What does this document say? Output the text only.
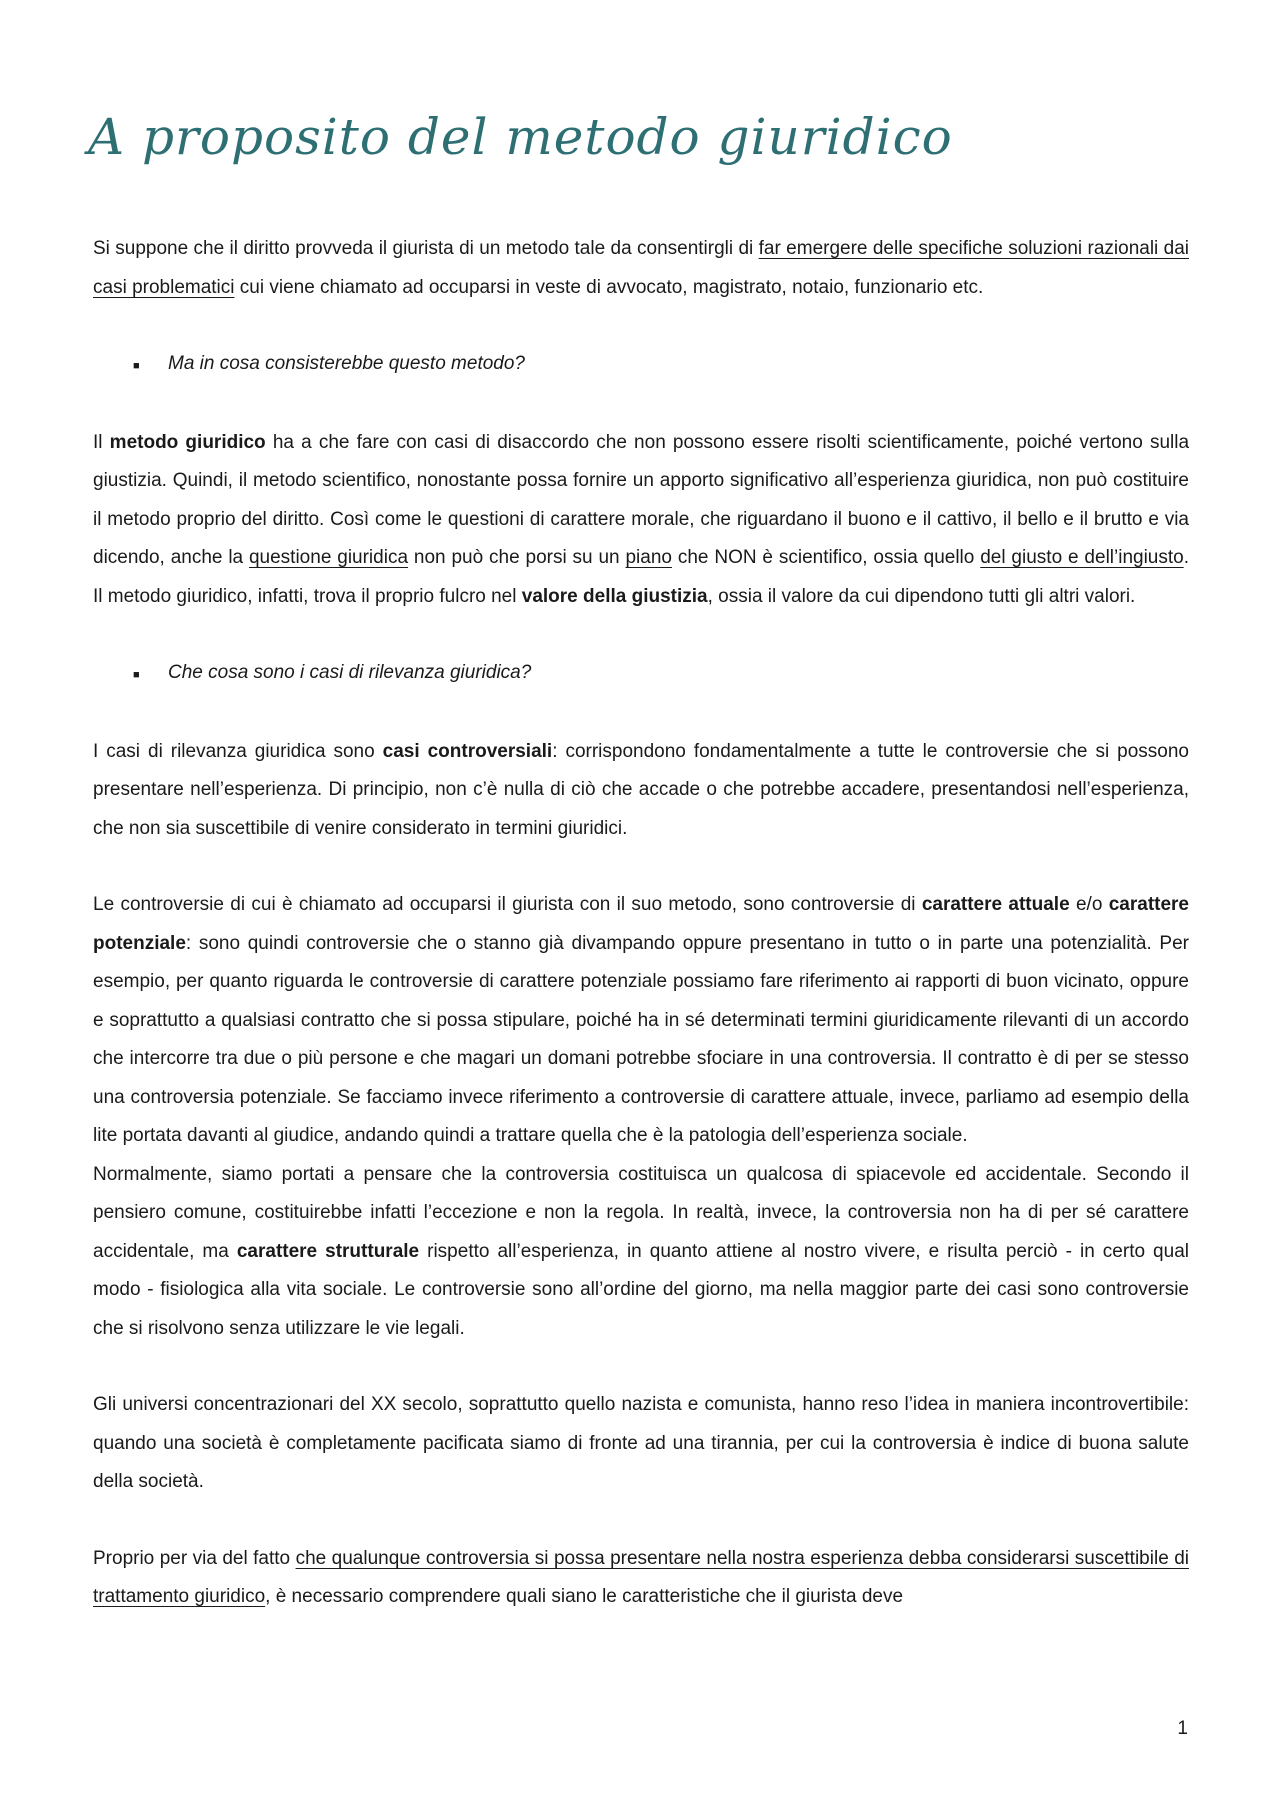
A proposito del metodo giuridico

Si suppone che il diritto provveda il giurista di un metodo tale da consentirgli di far emergere delle specifiche soluzioni razionali dai casi problematici cui viene chiamato ad occuparsi in veste di avvocato, magistrato, notaio, funzionario etc.

■	Ma in cosa consisterebbe questo metodo?

Il metodo giuridico ha a che fare con casi di disaccordo che non possono essere risolti scientificamente, poiché vertono sulla giustizia. Quindi, il metodo scientifico, nonostante possa fornire un apporto significativo all’esperienza giuridica, non può costituire il metodo proprio del diritto. Così come le questioni di carattere morale, che riguardano il buono e il cattivo, il bello e il brutto e via dicendo, anche la questione giuridica non può che porsi su un piano che NON è scientifico, ossia quello del giusto e dell’ingiusto. Il metodo giuridico, infatti, trova il proprio fulcro nel valore della giustizia, ossia il valore da cui dipendono tutti gli altri valori.

■	Che cosa sono i casi di rilevanza giuridica?

I casi di rilevanza giuridica sono casi controversiali: corrispondono fondamentalmente a tutte le controversie che si possono presentare nell’esperienza. Di principio, non c’è nulla di ciò che accade o che potrebbe accadere, presentandosi nell’esperienza, che non sia suscettibile di venire considerato in termini giuridici.

Le controversie di cui è chiamato ad occuparsi il giurista con il suo metodo, sono controversie di carattere attuale e/o carattere potenziale: sono quindi controversie che o stanno già divampando oppure presentano in tutto o in parte una potenzialità. Per esempio, per quanto riguarda le controversie di carattere potenziale possiamo fare riferimento ai rapporti di buon vicinato, oppure e soprattutto a qualsiasi contratto che si possa stipulare, poiché ha in sé determinati termini giuridicamente rilevanti di un accordo che intercorre tra due o più persone e che magari un domani potrebbe sfociare in una controversia. Il contratto è di per se stesso una controversia potenziale. Se facciamo invece riferimento a controversie di carattere attuale, invece, parliamo ad esempio della lite portata davanti al giudice, andando quindi a trattare quella che è la patologia dell’esperienza sociale.

Normalmente, siamo portati a pensare che la controversia costituisca un qualcosa di spiacevole ed accidentale. Secondo il pensiero comune, costituirebbe infatti l’eccezione e non la regola. In realtà, invece, la controversia non ha di per sé carattere accidentale, ma carattere strutturale rispetto all’esperienza, in quanto attiene al nostro vivere, e risulta perciò - in certo qual modo - fisiologica alla vita sociale. Le controversie sono all’ordine del giorno, ma nella maggior parte dei casi sono controversie che si risolvono senza utilizzare le vie legali.

Gli universi concentrazionari del XX secolo, soprattutto quello nazista e comunista, hanno reso l’idea in maniera incontrovertibile: quando una società è completamente pacificata siamo di fronte ad una tirannia, per cui la controversia è indice di buona salute della società.

Proprio per via del fatto che qualunque controversia si possa presentare nella nostra esperienza debba considerarsi suscettibile di trattamento giuridico, è necessario comprendere quali siano le caratteristiche che il giurista deve

1
